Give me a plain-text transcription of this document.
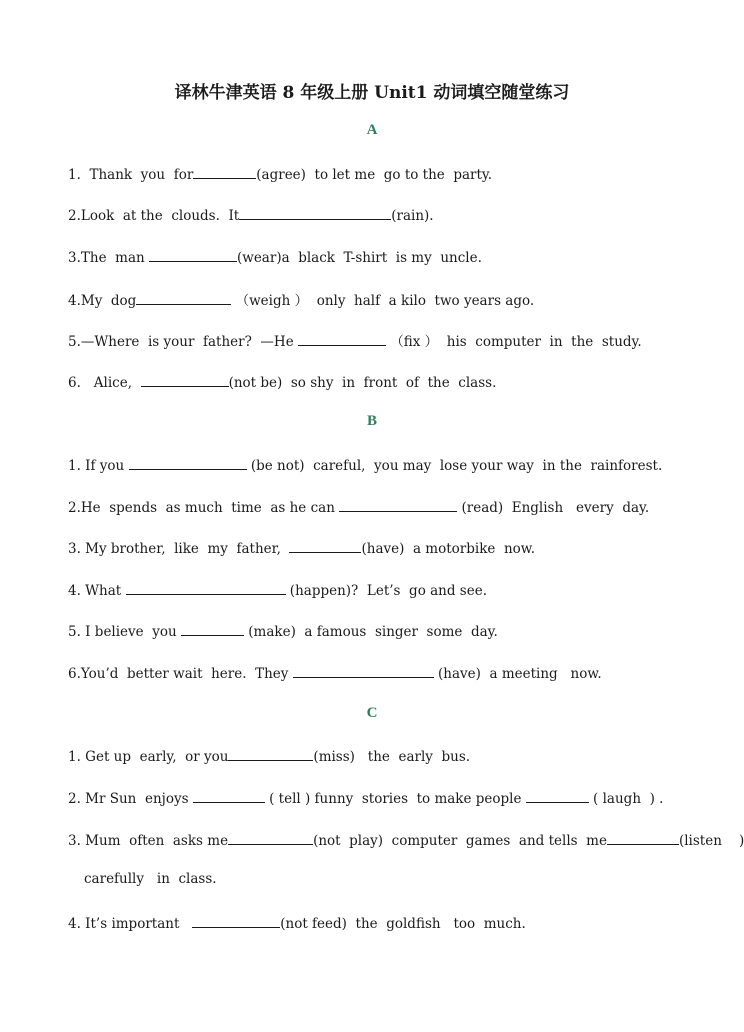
译林牛津英语 8 年级上册 Unit1 动词填空随堂练习
A
1.  Thank  you  for	(agree)  to let me  go to the  party.
2.Look  at the  clouds.  It	(rain).
3.The  man	(wear)a  black  T-shirt  is my  uncle.
4.My  dog	（weigh ）  only  half  a kilo  two years ago.
5.—Where  is your  father?  —He	（fix ）  his  computer  in  the  study.
6.   Alice,	(not be)  so shy  in  front  of  the  class.
B
1. If you	(be not)  careful,  you may  lose your way  in the  rainforest.
2.He  spends  as much  time  as he can	(read)  English   every  day.
3. My brother,  like  my  father,	(have)  a motorbike  now.
4. What	(happen)?  Let’s  go and see.
5. I believe  you	(make)  a famous  singer  some  day.
6.You’d  better wait  here.  They	(have)  a meeting   now.
C
1. Get up  early,  or you	(miss)   the  early  bus.
2. Mr Sun  enjoys	( tell ) funny  stories  to make people	( laugh  ) .
3. Mum  often  asks me	(not  play)  computer  games  and tells  me	(listen    )
carefully   in  class.
4. It’s important	(not feed)  the  goldfish   too  much.
